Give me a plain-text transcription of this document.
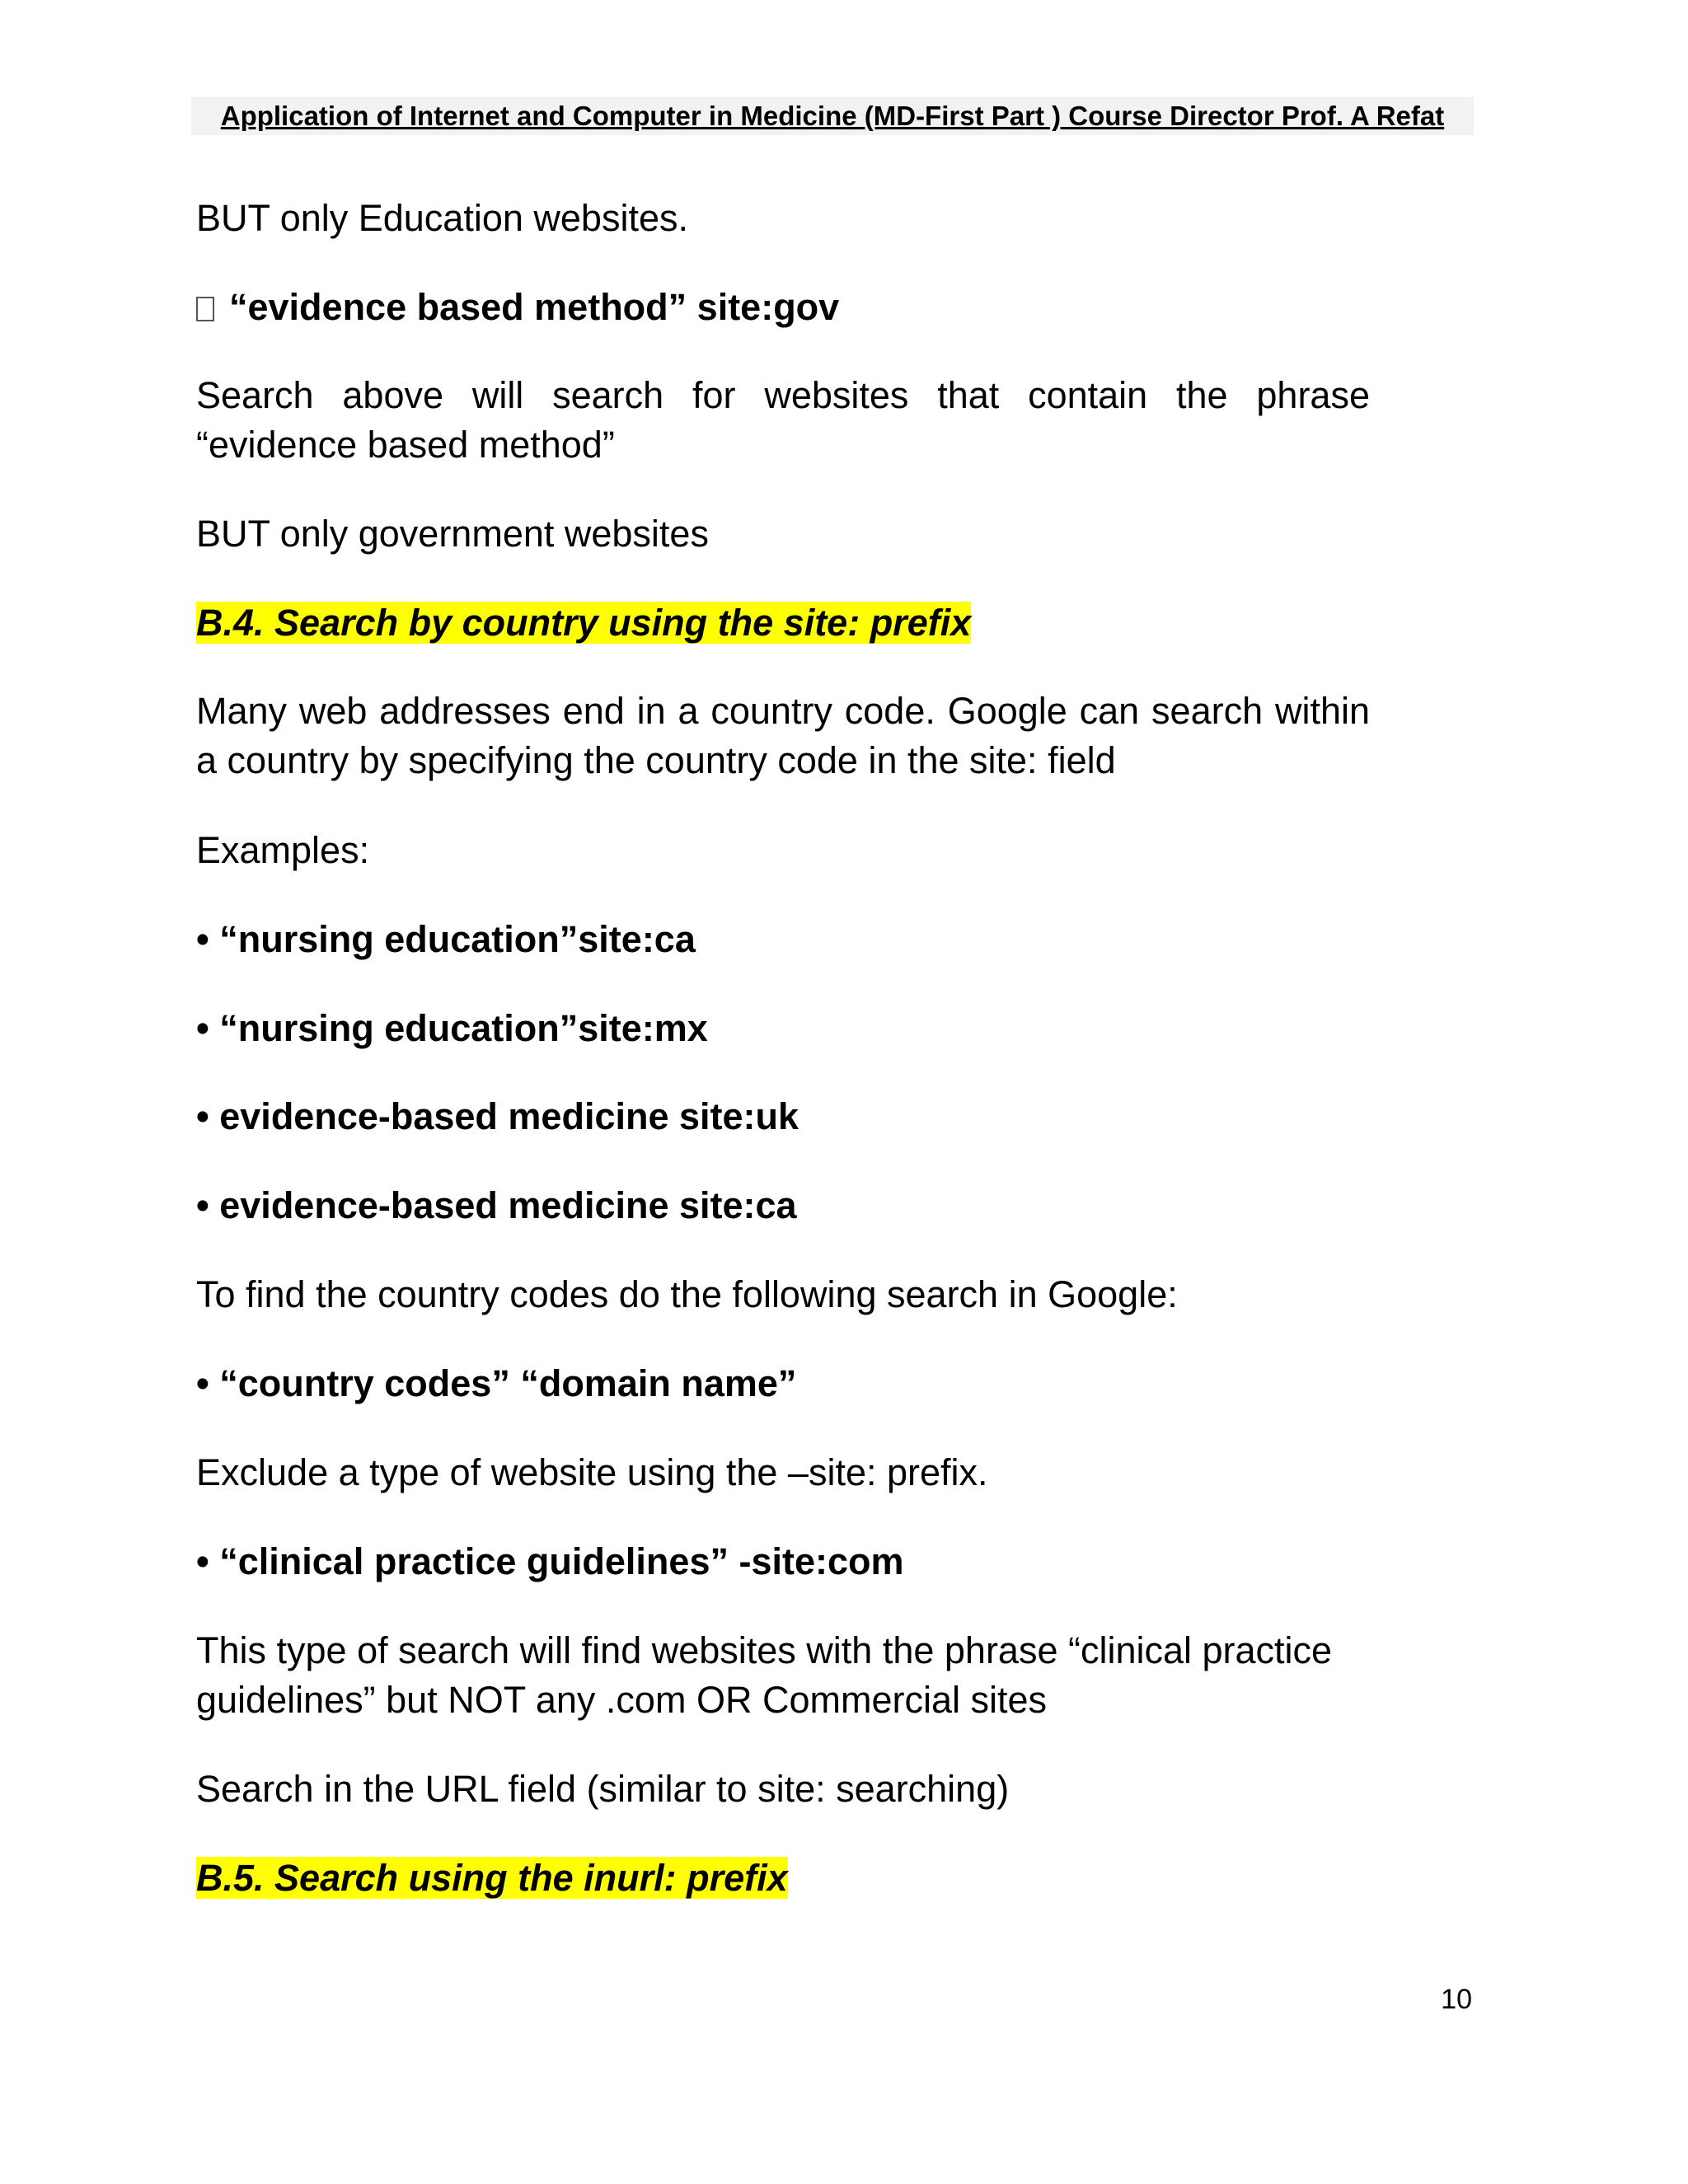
Application of Internet and Computer in Medicine (MD-First Part ) Course Director Prof. A Refat

BUT only Education websites.

“evidence based method” site:gov

Search above will search for websites that contain the phrase “evidence based method”

BUT only government websites

B.4. Search by country using the site: prefix

Many web addresses end in a country code. Google can search within a country by specifying the country code in the site: field

Examples:

• “nursing education”site:ca

• “nursing education”site:mx

• evidence-based medicine site:uk

• evidence-based medicine site:ca

To find the country codes do the following search in Google:

• “country codes” “domain name”

Exclude a type of website using the –site: prefix.

• “clinical practice guidelines” -site:com

This type of search will find websites with the phrase “clinical practice guidelines” but NOT any .com OR Commercial sites

Search in the URL field (similar to site: searching)

B.5. Search using the inurl: prefix

10
